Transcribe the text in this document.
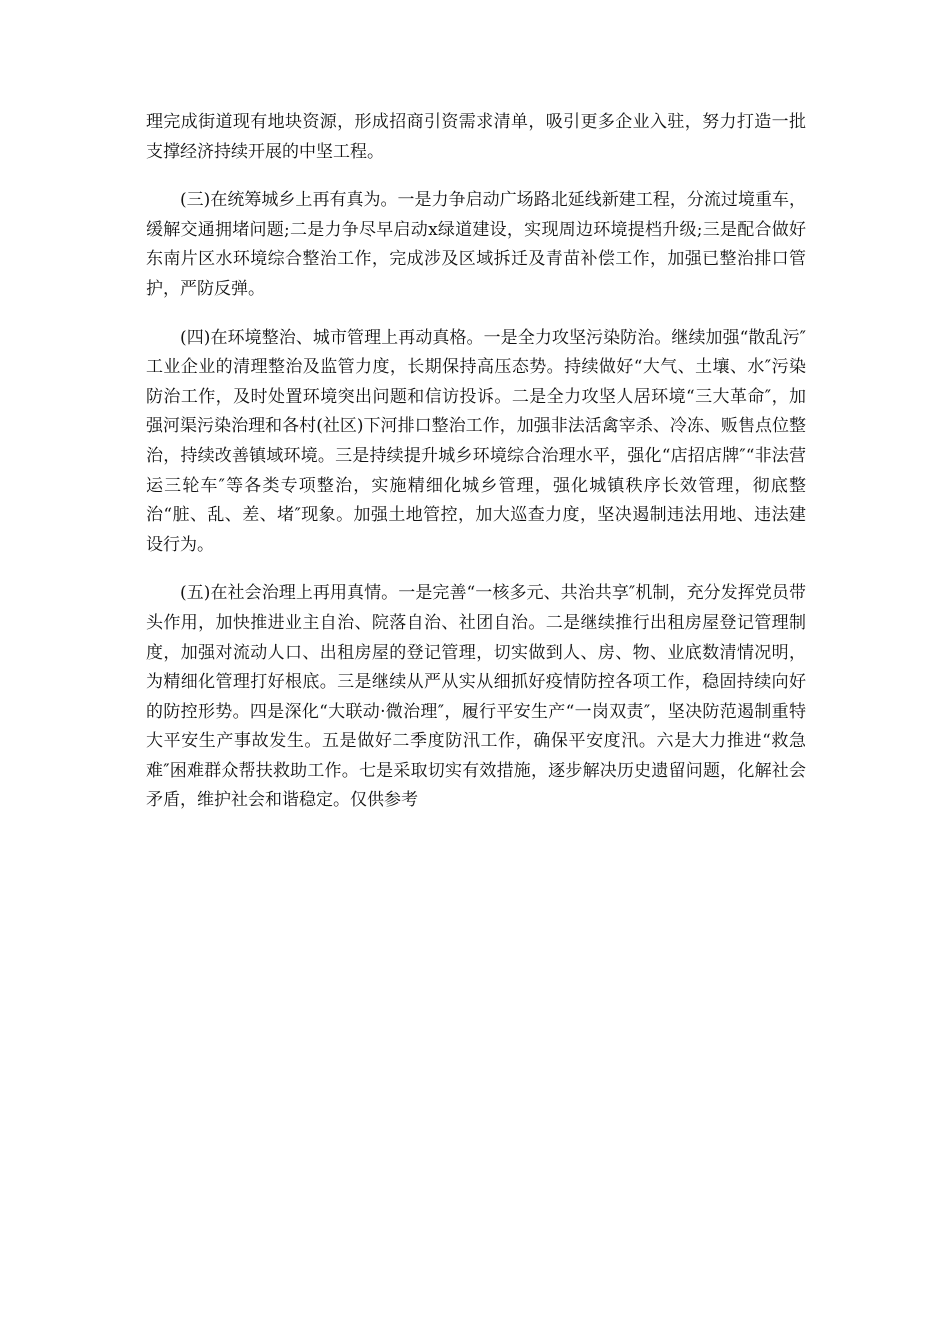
理完成街道现有地块资源，形成招商引资需求清单，吸引更多企业入驻，努力打造一批支撑经济持续开展的中坚工程。

(三)在统筹城乡上再有真为。一是力争启动广场路北延线新建工程，分流过境重车，缓解交通拥堵问题;二是力争尽早启动x绿道建设，实现周边环境提档升级;三是配合做好东南片区水环境综合整治工作，完成涉及区域拆迁及青苗补偿工作，加强已整治排口管护，严防反弹。

(四)在环境整治、城市管理上再动真格。一是全力攻坚污染防治。继续加强“散乱污″工业企业的清理整治及监管力度，长期保持高压态势。持续做好“大气、土壤、水″污染防治工作，及时处置环境突出问题和信访投诉。二是全力攻坚人居环境“三大革命″，加强河渠污染治理和各村(社区)下河排口整治工作，加强非法活禽宰杀、冷冻、贩售点位整治，持续改善镇域环境。三是持续提升城乡环境综合治理水平，强化“店招店牌″“非法营运三轮车″等各类专项整治，实施精细化城乡管理，强化城镇秩序长效管理，彻底整治“脏、乱、差、堵″现象。加强土地管控，加大巡查力度，坚决遏制违法用地、违法建设行为。

(五)在社会治理上再用真情。一是完善“一核多元、共治共享″机制，充分发挥党员带头作用，加快推进业主自治、院落自治、社团自治。二是继续推行出租房屋登记管理制度，加强对流动人口、出租房屋的登记管理，切实做到人、房、物、业底数清情况明，为精细化管理打好根底。三是继续从严从实从细抓好疫情防控各项工作，稳固持续向好的防控形势。四是深化“大联动·微治理″，履行平安生产“一岗双责″，坚决防范遏制重特大平安生产事故发生。五是做好二季度防汛工作，确保平安度汛。六是大力推进“救急难″困难群众帮扶救助工作。七是采取切实有效措施，逐步解决历史遗留问题，化解社会矛盾，维护社会和谐稳定。仅供参考
